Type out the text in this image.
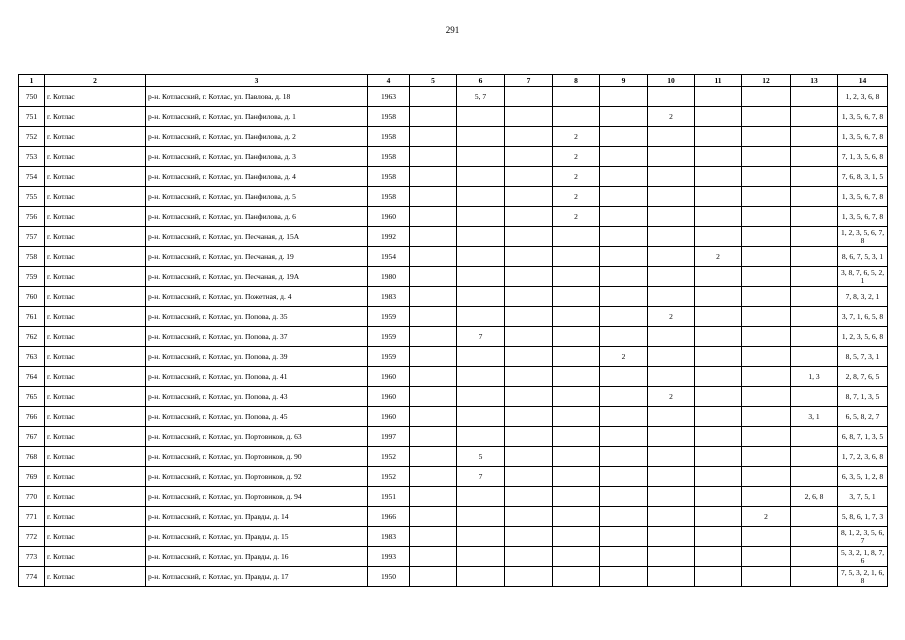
291
1	2	3	4	5	6	7	8	9	10	11	12	13	14
750	г. Котлас	р-н. Котласский, г. Котлас, ул. Павлова, д. 18	1963		5, 7								1, 2, 3, 6, 8
751	г. Котлас	р-н. Котласский, г. Котлас, ул. Панфилова, д. 1	1958						2				1, 3, 5, 6, 7, 8
752	г. Котлас	р-н. Котласский, г. Котлас, ул. Панфилова, д. 2	1958				2						1, 3, 5, 6, 7, 8
753	г. Котлас	р-н. Котласский, г. Котлас, ул. Панфилова, д. 3	1958				2						7, 1, 3, 5, 6, 8
754	г. Котлас	р-н. Котласский, г. Котлас, ул. Панфилова, д. 4	1958				2						7, 6, 8, 3, 1, 5
755	г. Котлас	р-н. Котласский, г. Котлас, ул. Панфилова, д. 5	1958				2						1, 3, 5, 6, 7, 8
756	г. Котлас	р-н. Котласский, г. Котлас, ул. Панфилова, д. 6	1960				2						1, 3, 5, 6, 7, 8
757	г. Котлас	р-н. Котласский, г. Котлас, ул. Песчаная, д. 15А	1992										1, 2, 3, 5, 6, 7, 8
758	г. Котлас	р-н. Котласский, г. Котлас, ул. Песчаная, д. 19	1954							2			8, 6, 7, 5, 3, 1
759	г. Котлас	р-н. Котласский, г. Котлас, ул. Песчаная, д. 19А	1980										3, 8, 7, 6, 5, 2, 1
760	г. Котлас	р-н. Котласский, г. Котлас, ул. Пожетная, д. 4	1983										7, 8, 3, 2, 1
761	г. Котлас	р-н. Котласский, г. Котлас, ул. Попова, д. 35	1959						2				3, 7, 1, 6, 5, 8
762	г. Котлас	р-н. Котласский, г. Котлас, ул. Попова, д. 37	1959		7								1, 2, 3, 5, 6, 8
763	г. Котлас	р-н. Котласский, г. Котлас, ул. Попова, д. 39	1959					2					8, 5, 7, 3, 1
764	г. Котлас	р-н. Котласский, г. Котлас, ул. Попова, д. 41	1960									1, 3	2, 8, 7, 6, 5
765	г. Котлас	р-н. Котласский, г. Котлас, ул. Попова, д. 43	1960						2				8, 7, 1, 3, 5
766	г. Котлас	р-н. Котласский, г. Котлас, ул. Попова, д. 45	1960									3, 1	6, 5, 8, 2, 7
767	г. Котлас	р-н. Котласский, г. Котлас, ул. Портовиков, д. 63	1997										6, 8, 7, 1, 3, 5
768	г. Котлас	р-н. Котласский, г. Котлас, ул. Портовиков, д. 90	1952		5								1, 7, 2, 3, 6, 8
769	г. Котлас	р-н. Котласский, г. Котлас, ул. Портовиков, д. 92	1952		7								6, 3, 5, 1, 2, 8
770	г. Котлас	р-н. Котласский, г. Котлас, ул. Портовиков, д. 94	1951									2, 6, 8	3, 7, 5, 1
771	г. Котлас	р-н. Котласский, г. Котлас, ул. Правды, д. 14	1966								2		5, 8, 6, 1, 7, 3
772	г. Котлас	р-н. Котласский, г. Котлас, ул. Правды, д. 15	1983										8, 1, 2, 3, 5, 6, 7
773	г. Котлас	р-н. Котласский, г. Котлас, ул. Правды, д. 16	1993										5, 3, 2, 1, 8, 7, 6
774	г. Котлас	р-н. Котласский, г. Котлас, ул. Правды, д. 17	1950										7, 5, 3, 2, 1, 6, 8
